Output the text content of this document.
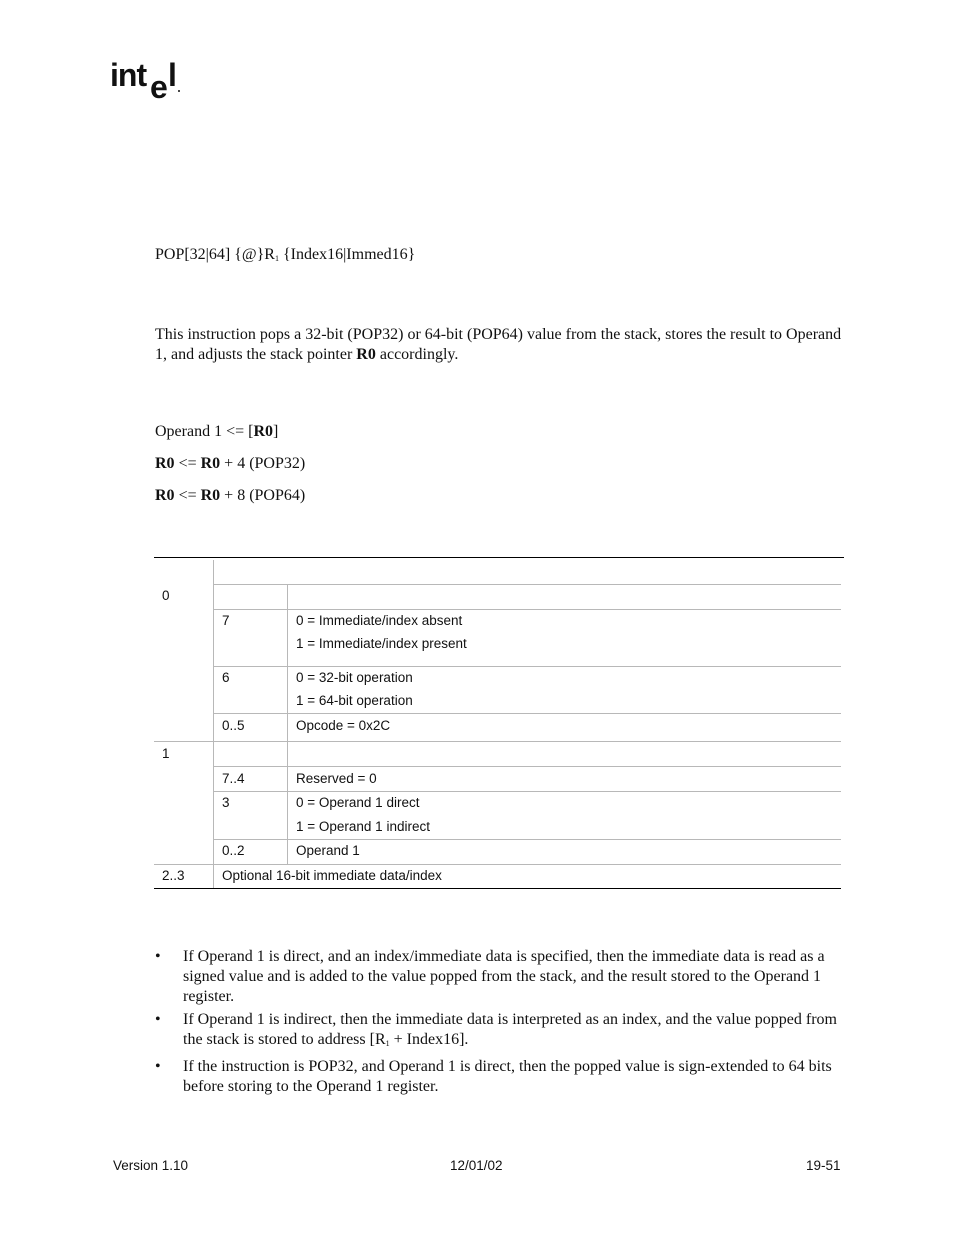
int e l
POP[32|64] $\{@\}R_1$ {Index16|Immed16}
This instruction pops a 32-bit (POP32) or 64-bit (POP64) value from the stack, stores the result to Operand 1, and adjusts the stack pointer R0 accordingly.
Operand 1 <= [R0]
R0 <= R0 + 4 (POP32)
R0 <= R0 + 8 (POP64)
0
7	0 = Immediate/index absent
1 = Immediate/index present
6	0 = 32-bit operation
1 = 64-bit operation
0..5	Opcode = 0x2C
1
7..4	Reserved = 0
3	0 = Operand 1 direct
1 = Operand 1 indirect
0..2	Operand 1
2..3	Optional 16-bit immediate data/index
• If Operand 1 is direct, and an index/immediate data is specified, then the immediate data is read as a signed value and is added to the value popped from the stack, and the result stored to the Operand 1 register.
• If Operand 1 is indirect, then the immediate data is interpreted as an index, and the value popped from the stack is stored to address [$R_1$ + Index16].
• If the instruction is POP32, and Operand 1 is direct, then the popped value is sign-extended to 64 bits before storing to the Operand 1 register.
Version 1.10	12/01/02	19-51
